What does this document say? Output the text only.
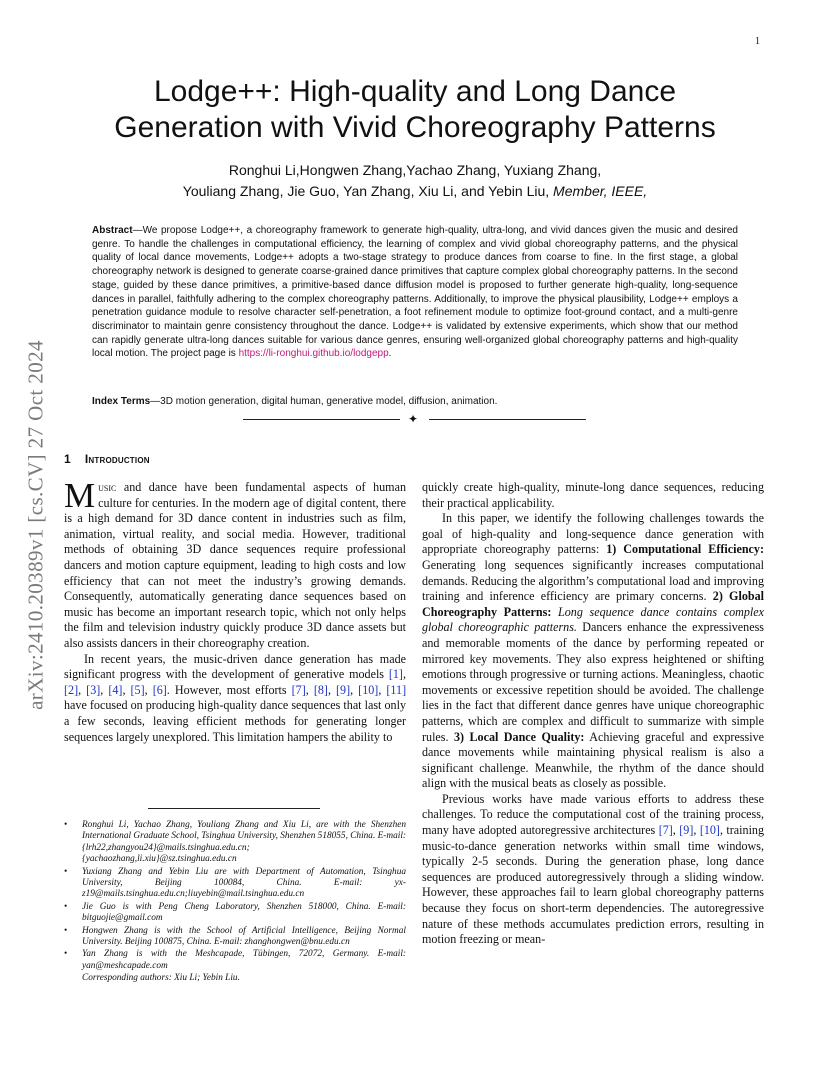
1
arXiv:2410.20389v1 [cs.CV] 27 Oct 2024
Lodge++: High-quality and Long Dance
Generation with Vivid Choreography Patterns
Ronghui Li,Hongwen Zhang,Yachao Zhang, Yuxiang Zhang,
Youliang Zhang, Jie Guo, Yan Zhang, Xiu Li, and Yebin Liu, Member, IEEE,
Abstract—We propose Lodge++, a choreography framework to generate high-quality, ultra-long, and vivid dances given the music and desired genre. To handle the challenges in computational efficiency, the learning of complex and vivid global choreography patterns, and the physical quality of local dance movements, Lodge++ adopts a two-stage strategy to produce dances from coarse to fine. In the first stage, a global choreography network is designed to generate coarse-grained dance primitives that capture complex global choreography patterns. In the second stage, guided by these dance primitives, a primitive-based dance diffusion model is proposed to further generate high-quality, long-sequence dances in parallel, faithfully adhering to the complex choreography patterns. Additionally, to improve the physical plausibility, Lodge++ employs a penetration guidance module to resolve character self-penetration, a foot refinement module to optimize foot-ground contact, and a multi-genre discriminator to maintain genre consistency throughout the dance. Lodge++ is validated by extensive experiments, which show that our method can rapidly generate ultra-long dances suitable for various dance genres, ensuring well-organized global choreography patterns and high-quality local motion. The project page is https://li-ronghui.github.io/lodgepp.
Index Terms—3D motion generation, digital human, generative model, diffusion, animation.
✦
1 Introduction

Music and dance have been fundamental aspects of human culture for centuries. In the modern age of digital content, there is a high demand for 3D dance content in industries such as film, animation, virtual reality, and social media. However, traditional methods of obtaining 3D dance sequences require professional dancers and motion capture equipment, leading to high costs and low efficiency that can not meet the industry’s growing demands. Consequently, automatically generating dance sequences based on music has become an important research topic, which not only helps the film and television industry quickly produce 3D dance assets but also assists dancers in their choreography creation.

In recent years, the music-driven dance generation has made significant progress with the development of generative models [1], [2], [3], [4], [5], [6]. However, most efforts [7], [8], [9], [10], [11] have focused on producing high-quality dance sequences that last only a few seconds, leaving efficient methods for generating longer sequences largely unexplored. This limitation hampers the ability to

• Ronghui Li, Yachao Zhang, Youliang Zhang and Xiu Li, are with the Shenzhen International Graduate School, Tsinghua University, Shenzhen 518055, China. E-mail: {lrh22,zhangyou24}@mails.tsinghua.edu.cn; {yachaozhang,li.xiu}@sz.tsinghua.edu.cn
• Yuxiang Zhang and Yebin Liu are with Department of Automation, Tsinghua University, Beijing 100084, China. E-mail: yx-z19@mails.tsinghua.edu.cn;liuyebin@mail.tsinghua.edu.cn
• Jie Guo is with Peng Cheng Laboratory, Shenzhen 518000, China. E-mail: bitguojie@gmail.com
• Hongwen Zhang is with the School of Artificial Intelligence, Beijing Normal University. Beijing 100875, China. E-mail: zhanghongwen@bnu.edu.cn
• Yan Zhang is with the Meshcapade, Tübingen, 72072, Germany. E-mail: yan@meshcapade.com
Corresponding authors: Xiu Li; Yebin Liu.

quickly create high-quality, minute-long dance sequences, reducing their practical applicability.

In this paper, we identify the following challenges towards the goal of high-quality and long-sequence dance generation with appropriate choreography patterns: 1) Computational Efficiency: Generating long sequences significantly increases computational demands. Reducing the algorithm’s computational load and improving training and inference efficiency are primary concerns. 2) Global Choreography Patterns: Long sequence dance contains complex global choreographic patterns. Dancers enhance the expressiveness and memorable moments of the dance by performing repeated or mirrored key movements. They also express heightened or shifting emotions through progressive or turning actions. Meaningless, chaotic movements or excessive repetition should be avoided. The challenge lies in the fact that different dance genres have unique choreographic patterns, which are complex and difficult to summarize with simple rules. 3) Local Dance Quality: Achieving graceful and expressive dance movements while maintaining physical realism is also a significant challenge. Meanwhile, the rhythm of the dance should align with the musical beats as closely as possible.

Previous works have made various efforts to address these challenges. To reduce the computational cost of the training process, many have adopted autoregressive architectures [7], [9], [10], training music-to-dance generation networks within small time windows, typically 2-5 seconds. During the generation phase, long dance sequences are produced autoregressively through a sliding window. However, these approaches fail to learn global choreography patterns because they focus on short-term dependencies. The autoregressive nature of these methods accumulates prediction errors, resulting in motion freezing or mean-
